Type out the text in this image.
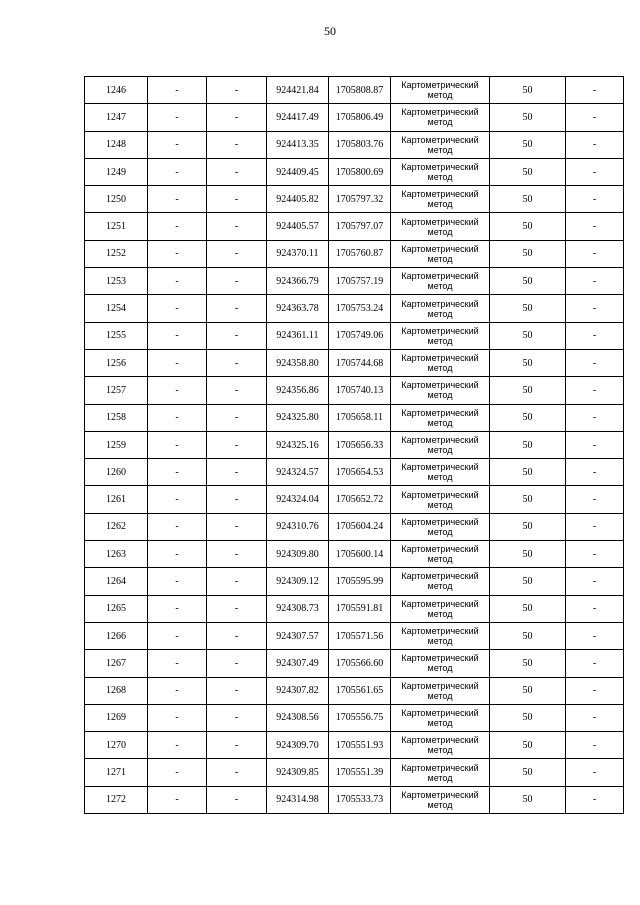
50
1246	-	-	924421.84	1705808.87	Картометрический
метод	50	-
1247	-	-	924417.49	1705806.49	Картометрический
метод	50	-
1248	-	-	924413.35	1705803.76	Картометрический
метод	50	-
1249	-	-	924409.45	1705800.69	Картометрический
метод	50	-
1250	-	-	924405.82	1705797.32	Картометрический
метод	50	-
1251	-	-	924405.57	1705797.07	Картометрический
метод	50	-
1252	-	-	924370.11	1705760.87	Картометрический
метод	50	-
1253	-	-	924366.79	1705757.19	Картометрический
метод	50	-
1254	-	-	924363.78	1705753.24	Картометрический
метод	50	-
1255	-	-	924361.11	1705749.06	Картометрический
метод	50	-
1256	-	-	924358.80	1705744.68	Картометрический
метод	50	-
1257	-	-	924356.86	1705740.13	Картометрический
метод	50	-
1258	-	-	924325.80	1705658.11	Картометрический
метод	50	-
1259	-	-	924325.16	1705656.33	Картометрический
метод	50	-
1260	-	-	924324.57	1705654.53	Картометрический
метод	50	-
1261	-	-	924324.04	1705652.72	Картометрический
метод	50	-
1262	-	-	924310.76	1705604.24	Картометрический
метод	50	-
1263	-	-	924309.80	1705600.14	Картометрический
метод	50	-
1264	-	-	924309.12	1705595.99	Картометрический
метод	50	-
1265	-	-	924308.73	1705591.81	Картометрический
метод	50	-
1266	-	-	924307.57	1705571.56	Картометрический
метод	50	-
1267	-	-	924307.49	1705566.60	Картометрический
метод	50	-
1268	-	-	924307.82	1705561.65	Картометрический
метод	50	-
1269	-	-	924308.56	1705556.75	Картометрический
метод	50	-
1270	-	-	924309.70	1705551.93	Картометрический
метод	50	-
1271	-	-	924309.85	1705551.39	Картометрический
метод	50	-
1272	-	-	924314.98	1705533.73	Картометрический
метод	50	-
